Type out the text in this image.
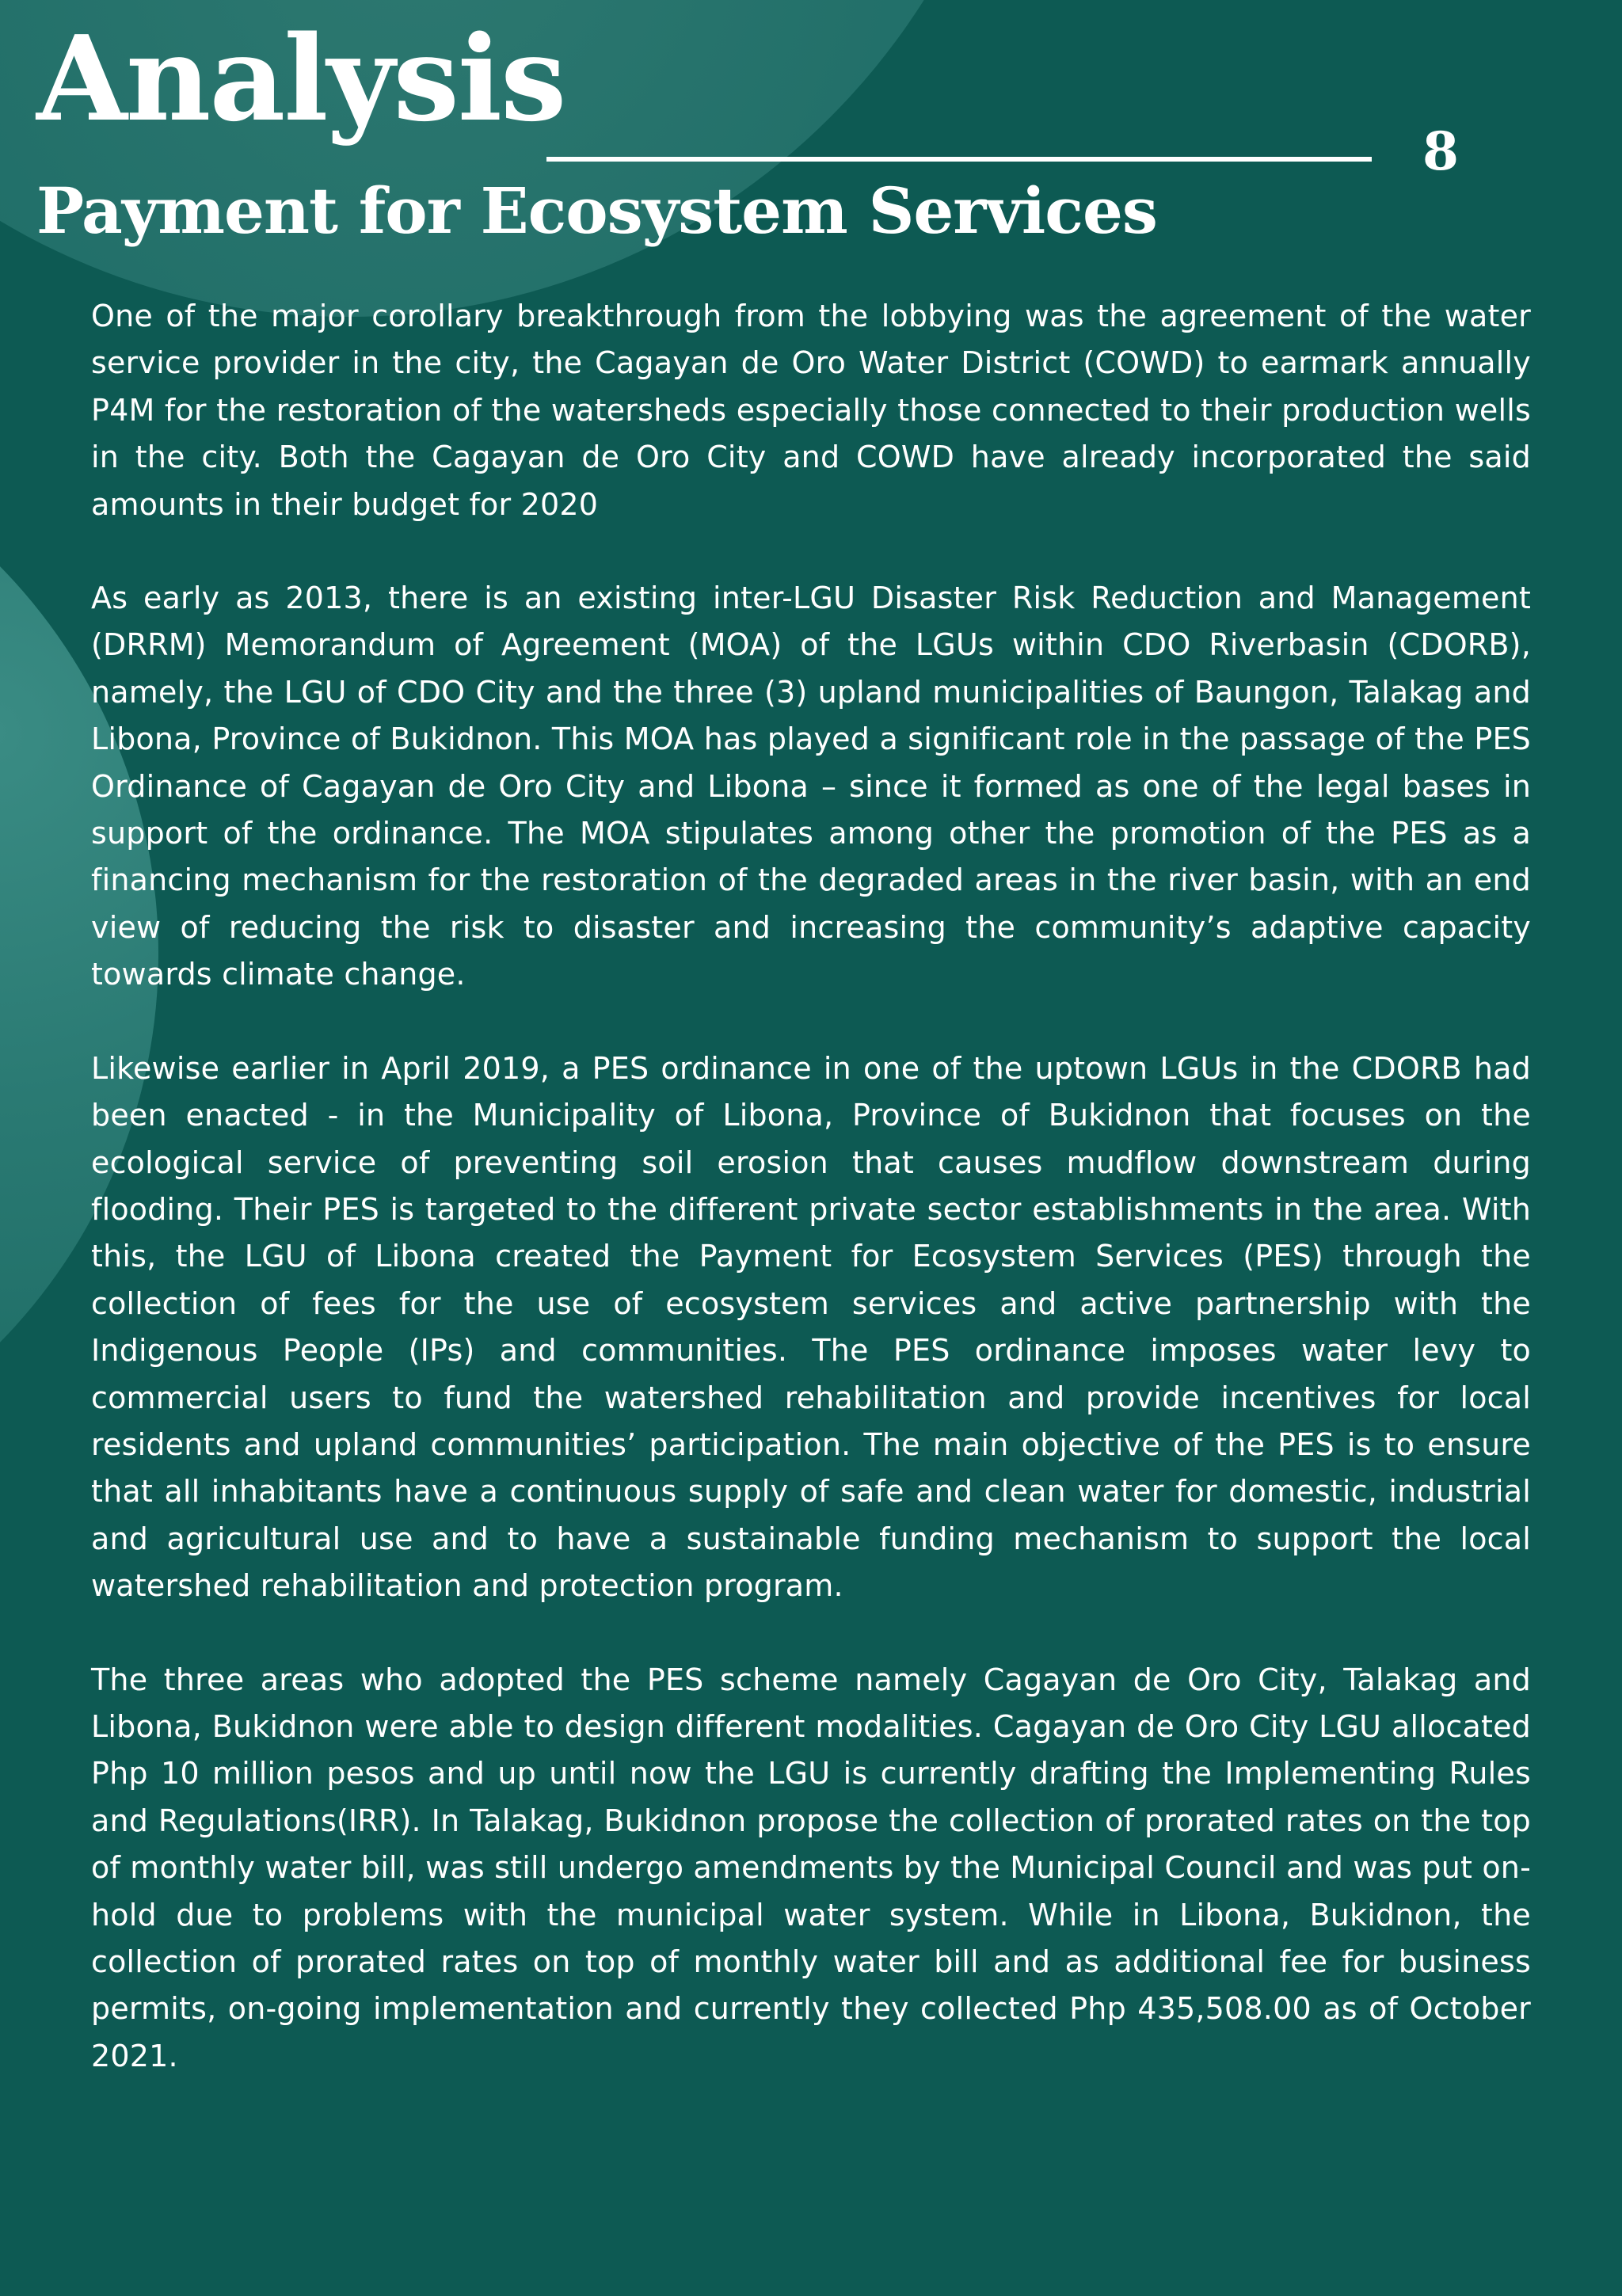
Analysis
8
Payment for Ecosystem Services

One of the major corollary breakthrough from the lobbying was the agreement of the water service provider in the city, the Cagayan de Oro Water District (COWD) to earmark annually P4M for the restoration of the watersheds especially those connected to their production wells in the city. Both the Cagayan de Oro City and COWD have already incorporated the said amounts in their budget for 2020

As early as 2013, there is an existing inter-LGU Disaster Risk Reduction and Management (DRRM) Memorandum of Agreement (MOA) of the LGUs within CDO Riverbasin (CDORB), namely, the LGU of CDO City and the three (3) upland municipalities of Baungon, Talakag and Libona, Province of Bukidnon. This MOA has played a significant role in the passage of the PES Ordinance of Cagayan de Oro City and Libona – since it formed as one of the legal bases in support of the ordinance. The MOA stipulates among other the promotion of the PES as a financing mechanism for the restoration of the degraded areas in the river basin, with an end view of reducing the risk to disaster and increasing the community’s adaptive capacity towards climate change.

Likewise earlier in April 2019, a PES ordinance in one of the uptown LGUs in the CDORB had been enacted - in the Municipality of Libona, Province of Bukidnon that focuses on the ecological service of preventing soil erosion that causes mudflow downstream during flooding. Their PES is targeted to the different private sector establishments in the area. With this, the LGU of Libona created the Payment for Ecosystem Services (PES) through the collection of fees for the use of ecosystem services and active partnership with the Indigenous People (IPs) and communities. The PES ordinance imposes water levy to commercial users to fund the watershed rehabilitation and provide incentives for local residents and upland communities’ participation. The main objective of the PES is to ensure that all inhabitants have a continuous supply of safe and clean water for domestic, industrial and agricultural use and to have a sustainable funding mechanism to support the local watershed rehabilitation and protection program.

The three areas who adopted the PES scheme namely Cagayan de Oro City, Talakag and Libona, Bukidnon were able to design different modalities. Cagayan de Oro City LGU allocated Php 10 million pesos and up until now the LGU is currently drafting the Implementing Rules and Regulations(IRR). In Talakag, Bukidnon propose the collection of prorated rates on the top of monthly water bill, was still undergo amendments by the Municipal Council and was put on-hold due to problems with the municipal water system. While in Libona, Bukidnon, the collection of prorated rates on top of monthly water bill and as additional fee for business permits, on-going implementation and currently they collected Php 435,508.00 as of October 2021.
